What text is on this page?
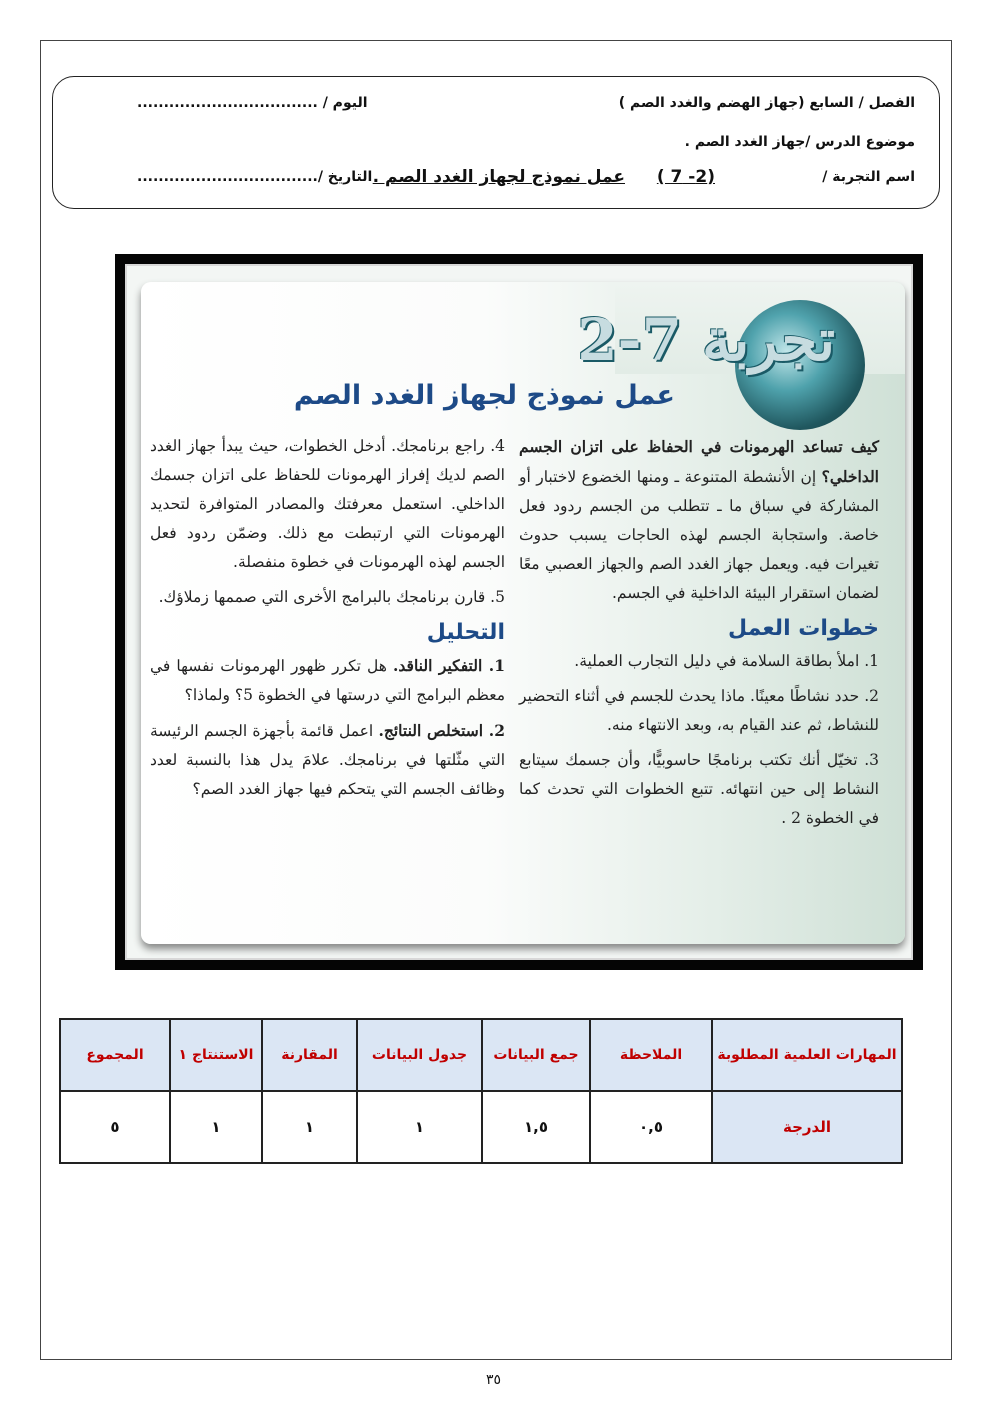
الفصل / السابع (جهاز الهضم والغدد الصم )
اليوم / ..................................
موضوع الدرس /جهاز الغدد الصم .
اسم التجربة /
(2- 7 )
عمل نموذج لجهاز الغدد الصم .
التاريخ /..................................
تجربة 7-2
عمل نموذج لجهاز الغدد الصم

كيف تساعد الهرمونات في الحفاظ على اتزان الجسم الداخلي؟ إن الأنشطة المتنوعة ـ ومنها الخضوع لاختبار أو المشاركة في سباق ما ـ تتطلب من الجسم ردود فعل خاصة. واستجابة الجسم لهذه الحاجات يسبب حدوث تغيرات فيه. ويعمل جهاز الغدد الصم والجهاز العصبي معًا لضمان استقرار البيئة الداخلية في الجسم.

خطوات العمل

1. املأ بطاقة السلامة في دليل التجارب العملية.

2. حدد نشاطًا معينًا. ماذا يحدث للجسم في أثناء التحضير للنشاط، ثم عند القيام به، وبعد الانتهاء منه.

3. تخيّل أنك تكتب برنامجًا حاسوبيًّا، وأن جسمك سيتابع النشاط إلى حين انتهائه. تتبع الخطوات التي تحدث كما في الخطوة 2 .

4. راجع برنامجك. أدخل الخطوات، حيث يبدأ جهاز الغدد الصم لديك إفراز الهرمونات للحفاظ على اتزان جسمك الداخلي. استعمل معرفتك والمصادر المتوافرة لتحديد الهرمونات التي ارتبطت مع ذلك. وضمّن ردود فعل الجسم لهذه الهرمونات في خطوة منفصلة.

5. قارن برنامجك بالبرامج الأخرى التي صممها زملاؤك.

التحليل

1. التفكير الناقد. هل تكرر ظهور الهرمونات نفسها في معظم البرامج التي درستها في الخطوة 5؟ ولماذا؟

2. استخلص النتائج. اعمل قائمة بأجهزة الجسم الرئيسة التي مثّلتها في برنامجك. علامَ يدل هذا بالنسبة لعدد وظائف الجسم التي يتحكم فيها جهاز الغدد الصم؟

المهارات العلمية المطلوبة	الملاحظة	جمع البيانات	جدول البيانات	المقارنة	الاستنتاج ١	المجموع
الدرجة	٠,٥	١,٥	١	١	١	٥
٣٥
